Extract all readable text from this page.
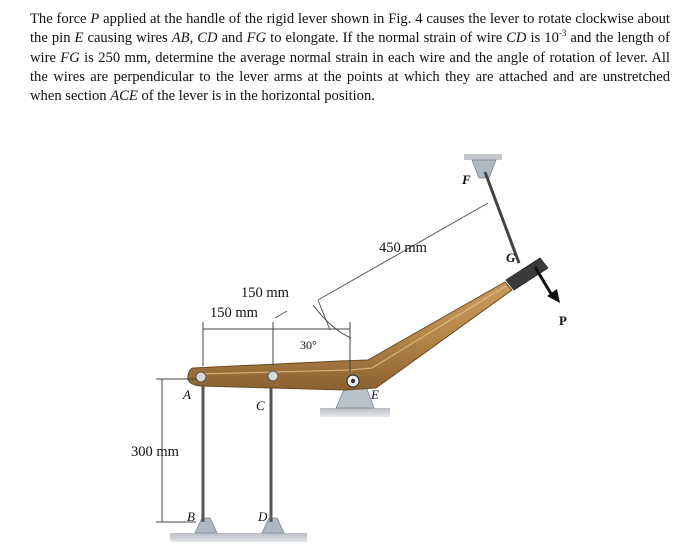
The force P applied at the handle of the rigid lever shown in Fig. 4 causes the lever to rotate clockwise about the pin E causing wires AB, CD and FG to elongate. If the normal strain of wire CD is $10^{-3}$ and the length of wire FG is 250 mm, determine the average normal strain in each wire and the angle of rotation of lever. All the wires are perpendicular to the lever arms at the points at which they are attached and are unstretched when section ACE of the lever is in the horizontal position.
450 mm
150 mm
150 mm
300 mm
30°
A
B
C
D
E
F
G
P
